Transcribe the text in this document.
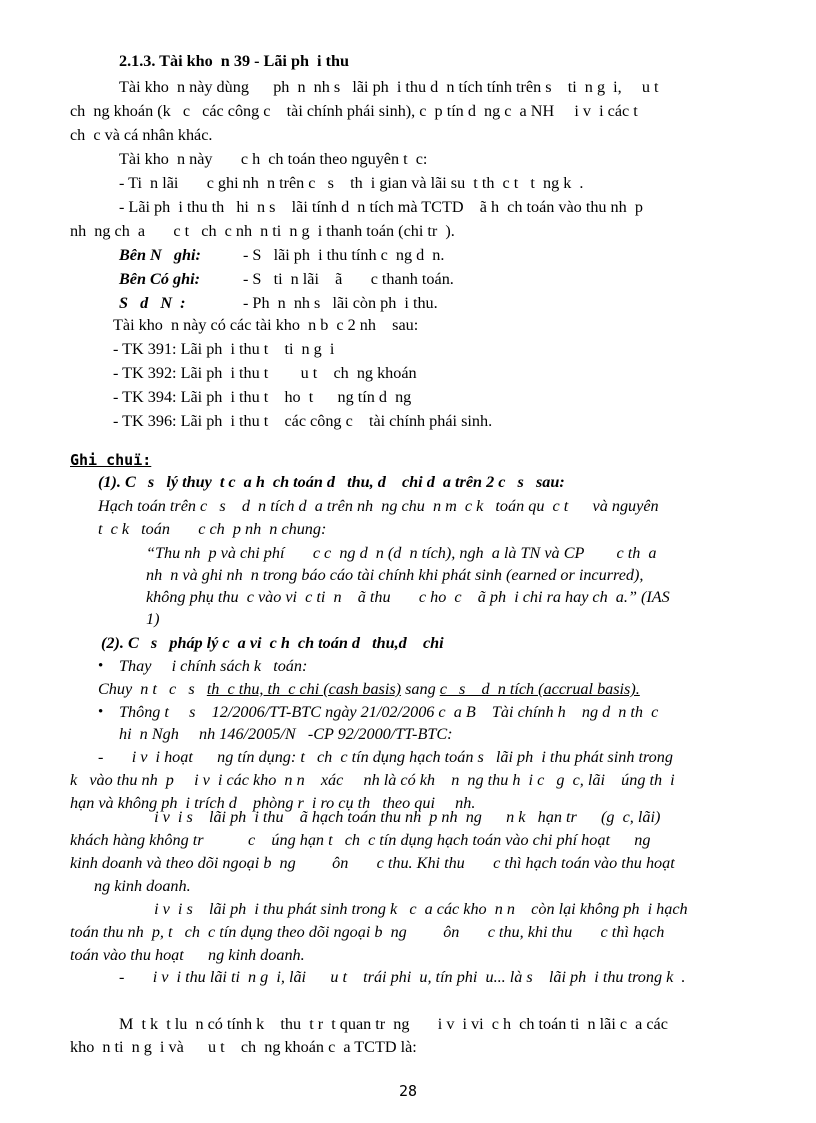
2.1.3. Tài kho  n 39 - Lãi ph  i thu
Tài kho  n này dùng      ph  n  nh s   lãi ph  i thu d  n tích tính trên s    ti  n g  i,     u t
ch  ng khoán (k   c   các công c    tài chính phái sinh), c  p tín d  ng c  a NH     i v  i các t
ch  c và cá nhân khác.
Tài kho  n này       c h  ch toán theo nguyên t  c:
- Ti  n lãi       c ghi nh  n trên c   s    th  i gian và lãi su  t th  c t   t  ng k  .
- Lãi ph  i thu th   hi  n s    lãi tính d  n tích mà TCTD    ã h  ch toán vào thu nh  p
nh  ng ch  a       c t   ch  c nh  n ti  n g  i thanh toán (chi tr  ).
Bên N   ghi:	- S   lãi ph  i thu tính c  ng d  n.
Bên Có ghi:	- S   ti  n lãi    ã       c thanh toán.
S   d   N  :	- Ph  n  nh s   lãi còn ph  i thu.
Tài kho  n này có các tài kho  n b  c 2 nh    sau:
- TK 391: Lãi ph  i thu t    ti  n g  i
- TK 392: Lãi ph  i thu t        u t    ch  ng khoán
- TK 394: Lãi ph  i thu t    ho  t      ng tín d  ng
- TK 396: Lãi ph  i thu t    các công c    tài chính phái sinh.
Ghi chuï:
(1). C   s   lý thuy  t c  a h  ch toán d   thu, d    chi d  a trên 2 c   s   sau:
Hạch toán trên c   s    d  n tích d  a trên nh  ng chu  n m  c k   toán qu  c t      và nguyên
t  c k   toán       c ch  p nh  n chung:
“Thu nh  p và chi phí       c c  ng d  n (d  n tích), ngh  a là TN và CP        c th  a
nh  n và ghi nh  n trong báo cáo tài chính khi phát sinh (earned or incurred),
không phụ thu  c vào vi  c ti  n    ã thu       c ho  c    ã ph  i chi ra hay ch  a.” (IAS
1)
(2). C   s   pháp lý c  a vi  c h  ch toán d   thu,d    chi
• Thay     i chính sách k   toán:
Chuy  n t   c   s   th  c thu, th  c chi (cash basis) sang c   s    d  n tích (accrual basis).
• Thông t     s    12/2006/TT-BTC ngày 21/02/2006 c  a B    Tài chính h    ng d  n th  c
hi  n Ngh     nh 146/2005/N   -CP 92/2000/TT-BTC:
-       i v  i hoạt      ng tín dụng: t   ch  c tín dụng hạch toán s   lãi ph  i thu phát sinh trong
k   vào thu nh  p     i v  i các kho  n n    xác     nh là có kh    n  ng thu h  i c   g  c, lãi    úng th  i
hạn và không ph  i trích d    phòng r  i ro cụ th   theo qui     nh.
i v  i s    lãi ph  i thu    ã hạch toán thu nh  p nh  ng      n k   hạn tr      (g  c, lãi)
khách hàng không tr           c    úng hạn t   ch  c tín dụng hạch toán vào chi phí hoạt      ng
kinh doanh và theo dõi ngoại b  ng         ôn       c thu. Khi thu       c thì hạch toán vào thu hoạt
ng kinh doanh.
i v  i s    lãi ph  i thu phát sinh trong k   c  a các kho  n n    còn lại không ph  i hạch
toán thu nh  p, t   ch  c tín dụng theo dõi ngoại b  ng         ôn       c thu, khi thu       c thì hạch
toán vào thu hoạt      ng kinh doanh.
-       i v  i thu lãi ti  n g  i, lãi      u t    trái phi  u, tín phi  u... là s    lãi ph  i thu trong k  .
M  t k  t lu  n có tính k    thu  t r  t quan tr  ng       i v  i vi  c h  ch toán ti  n lãi c  a các
kho  n ti  n g  i và      u t    ch  ng khoán c  a TCTD là:
28
